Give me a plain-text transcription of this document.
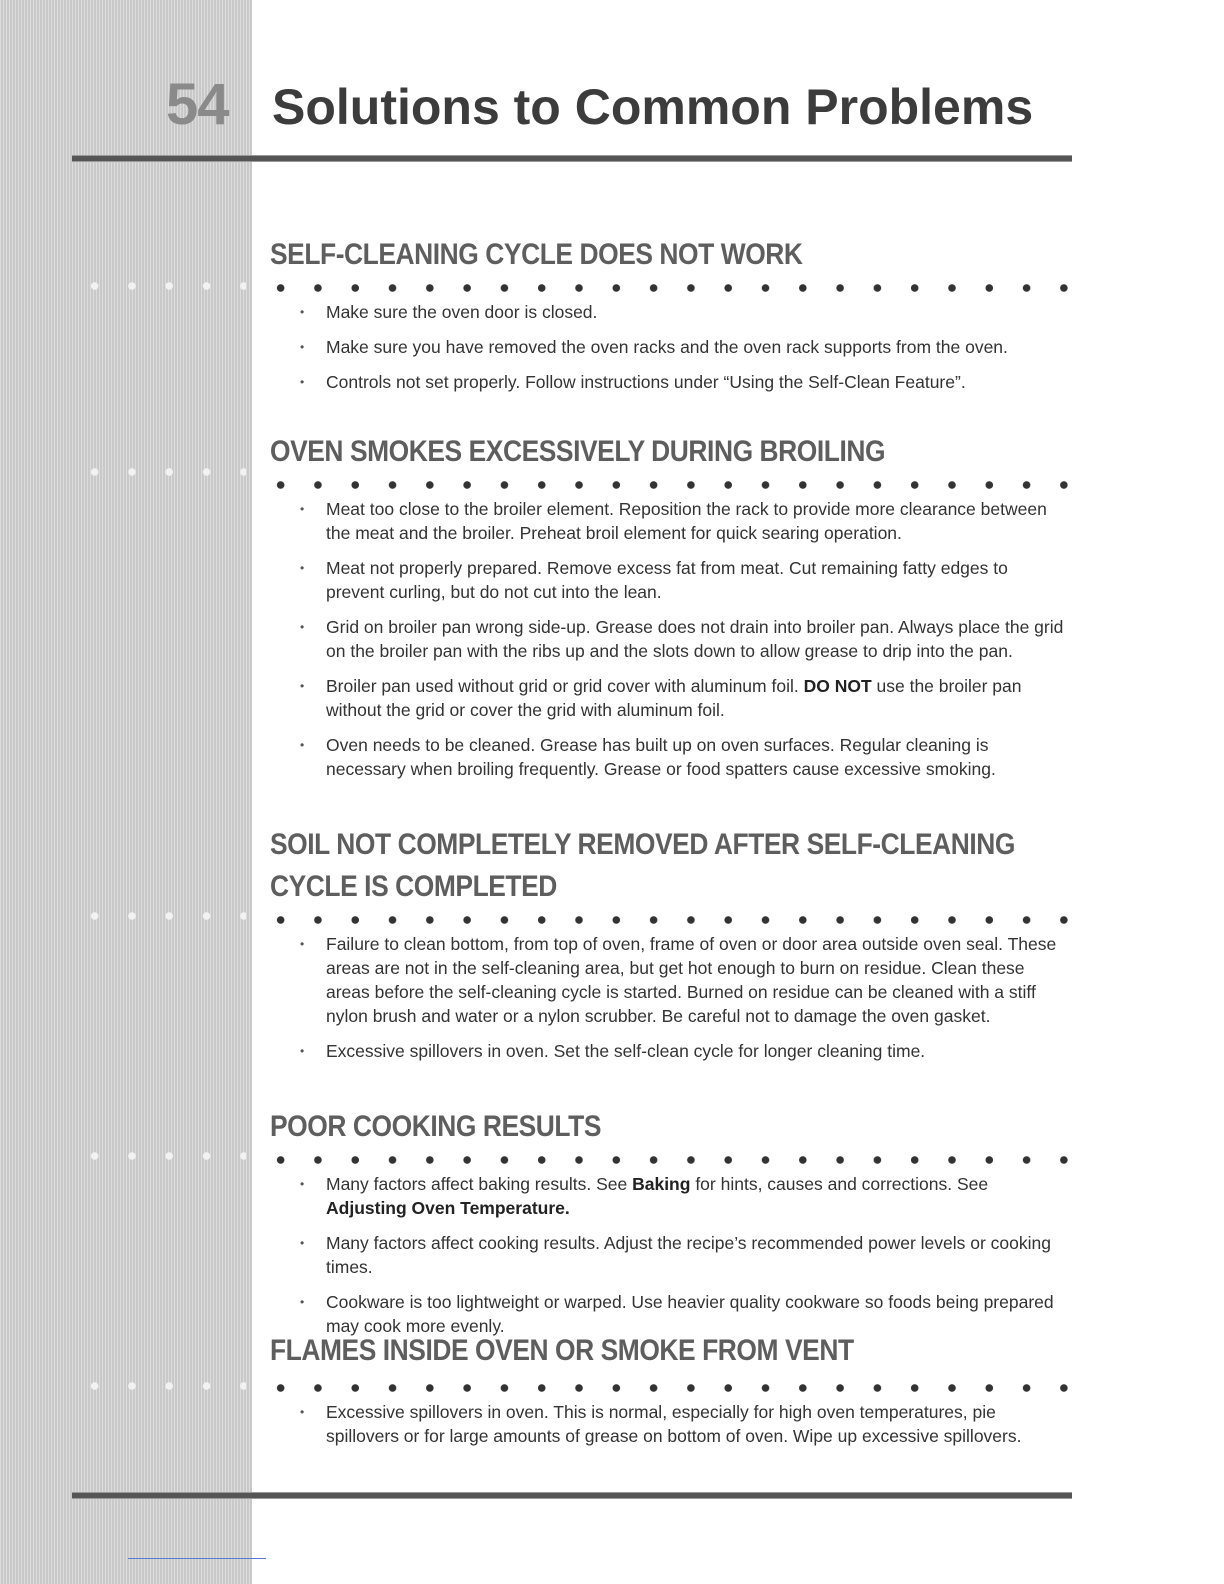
54 Solutions to Common Problems
SELF-CLEANING CYCLE DOES NOT WORK
• Make sure the oven door is closed.
• Make sure you have removed the oven racks and the oven rack supports from the oven.
• Controls not set properly. Follow instructions under “Using the Self-Clean Feature”.
OVEN SMOKES EXCESSIVELY DURING BROILING
• Meat too close to the broiler element. Reposition the rack to provide more clearance between the meat and the broiler. Preheat broil element for quick searing operation.
• Meat not properly prepared. Remove excess fat from meat. Cut remaining fatty edges to prevent curling, but do not cut into the lean.
• Grid on broiler pan wrong side-up. Grease does not drain into broiler pan. Always place the grid on the broiler pan with the ribs up and the slots down to allow grease to drip into the pan.
• Broiler pan used without grid or grid cover with aluminum foil. DO NOT use the broiler pan without the grid or cover the grid with aluminum foil.
• Oven needs to be cleaned. Grease has built up on oven surfaces. Regular cleaning is necessary when broiling frequently. Grease or food spatters cause excessive smoking.
SOIL NOT COMPLETELY REMOVED AFTER SELF-CLEANING
CYCLE IS COMPLETED
• Failure to clean bottom, from top of oven, frame of oven or door area outside oven seal. These areas are not in the self-cleaning area, but get hot enough to burn on residue. Clean these areas before the self-cleaning cycle is started. Burned on residue can be cleaned with a stiff nylon brush and water or a nylon scrubber. Be careful not to damage the oven gasket.
• Excessive spillovers in oven. Set the self-clean cycle for longer cleaning time.
POOR COOKING RESULTS
• Many factors affect baking results. See Baking for hints, causes and corrections. See Adjusting Oven Temperature.
• Many factors affect cooking results. Adjust the recipe’s recommended power levels or cooking times.
• Cookware is too lightweight or warped. Use heavier quality cookware so foods being prepared may cook more evenly.
FLAMES INSIDE OVEN OR SMOKE FROM VENT
• Excessive spillovers in oven. This is normal, especially for high oven temperatures, pie spillovers or for large amounts of grease on bottom of oven. Wipe up excessive spillovers.
